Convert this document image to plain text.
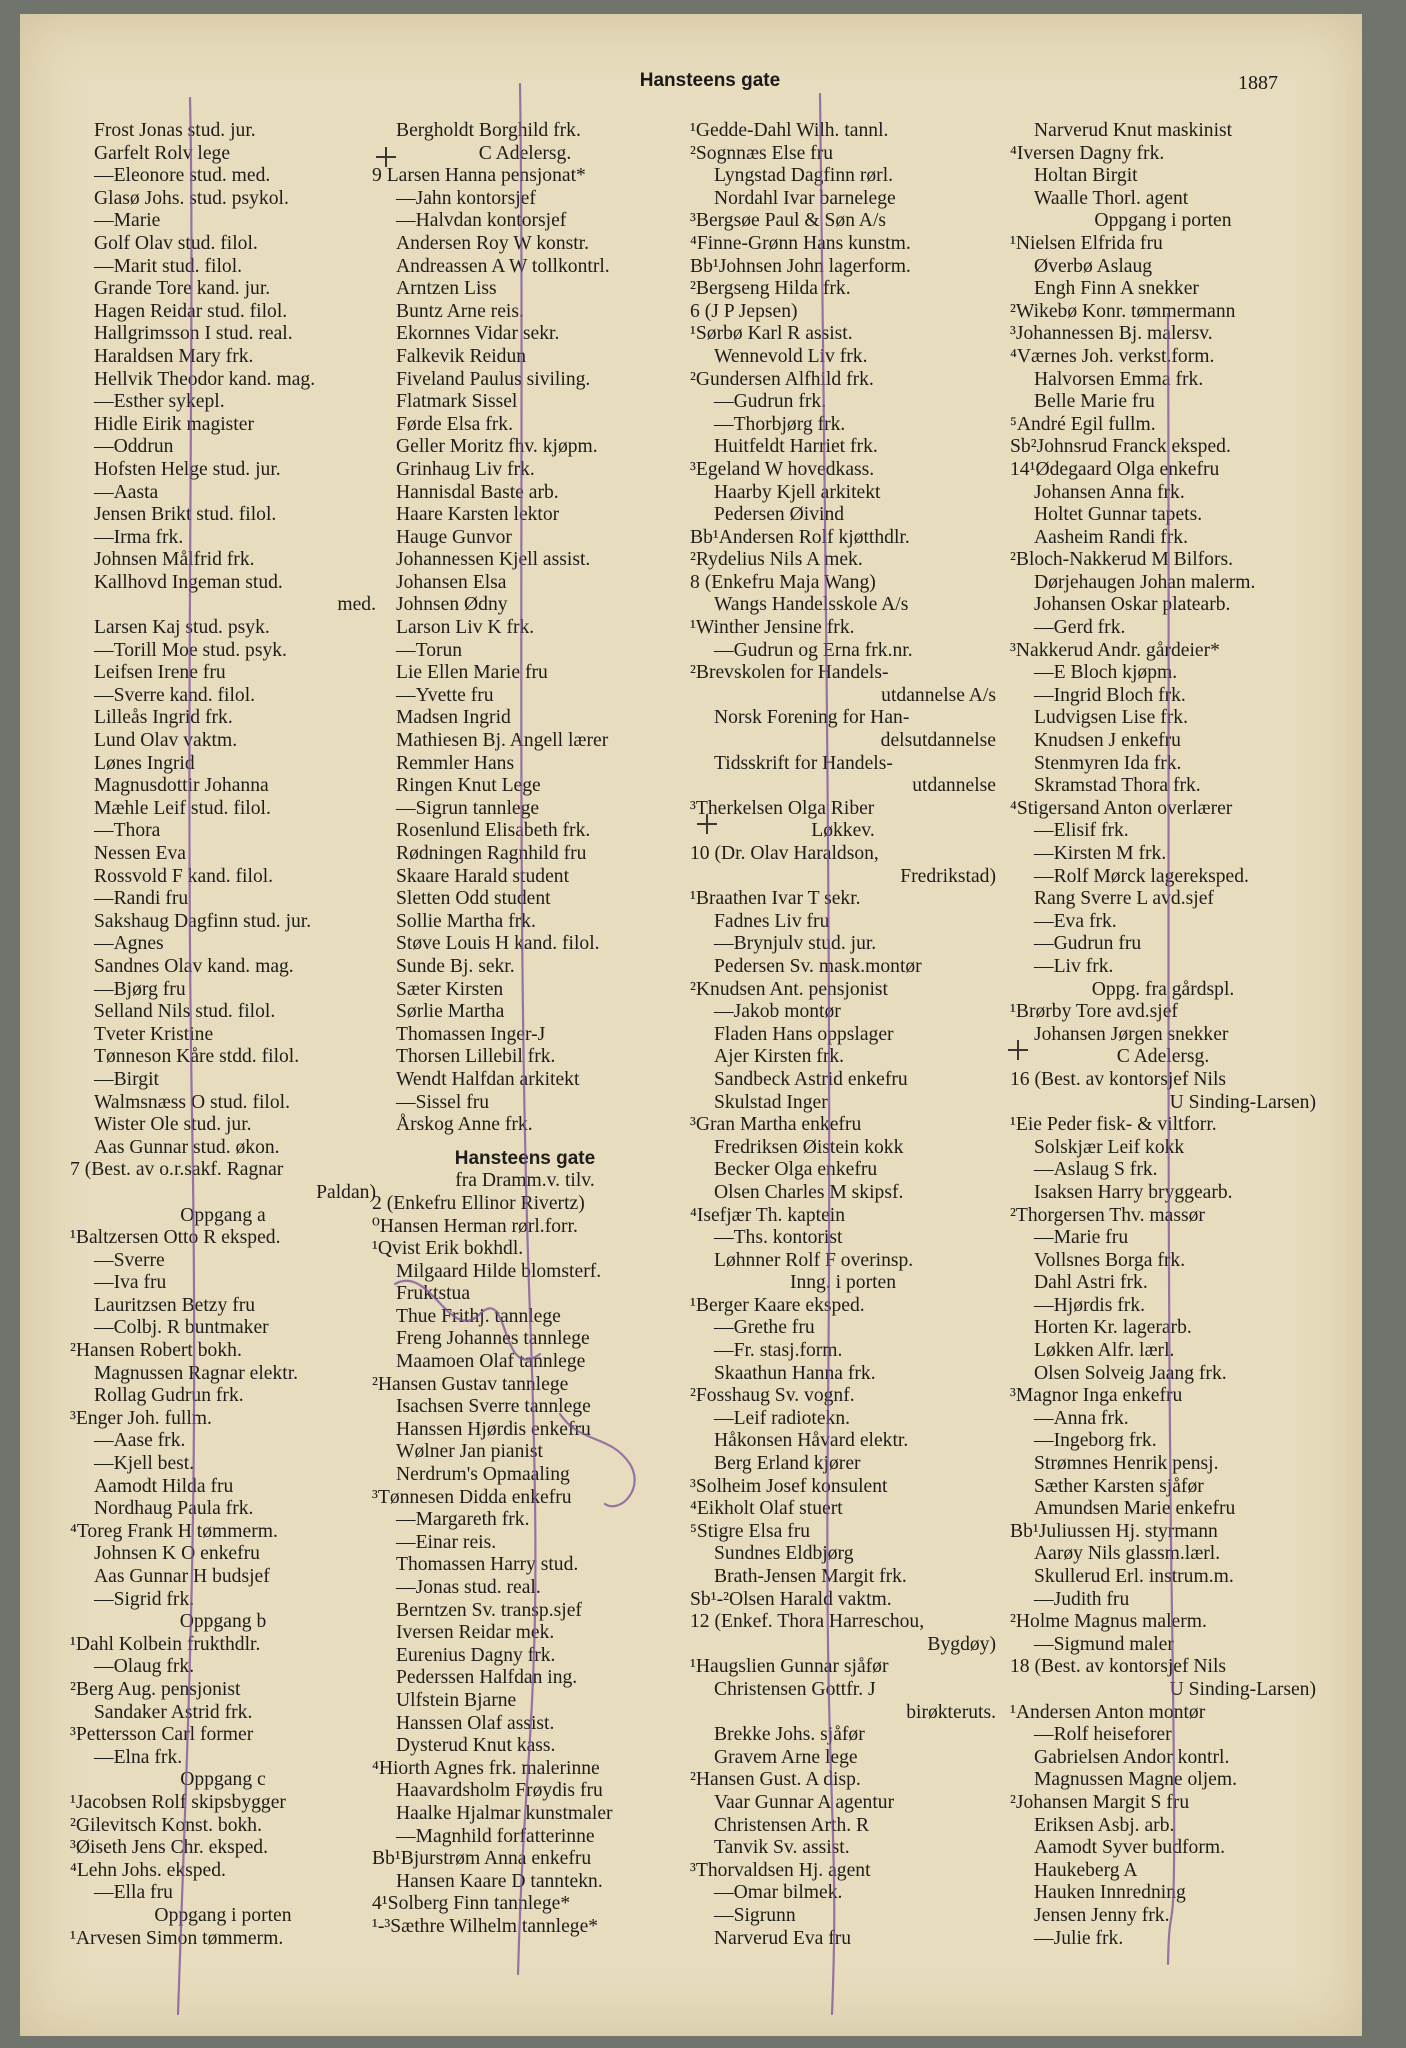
Hansteens gate	1887
Frost Jonas stud. jur.
Garfelt Rolv lege
—Eleonore stud. med.
Glasø Johs. stud. psykol.
—Marie
Golf Olav stud. filol.
—Marit stud. filol.
Grande Tore kand. jur.
Hagen Reidar stud. filol.
Hallgrimsson I stud. real.
Haraldsen Mary frk.
Hellvik Theodor kand. mag.
—Esther sykepl.
Hidle Eirik magister
—Oddrun
Hofsten Helge stud. jur.
—Aasta
Jensen Brikt stud. filol.
—Irma frk.
Johnsen Målfrid frk.
Kallhovd Ingeman stud.
med.
Larsen Kaj stud. psyk.
—Torill Moe stud. psyk.
Leifsen Irene fru
—Sverre kand. filol.
Lilleås Ingrid frk.
Lund Olav vaktm.
Lønes Ingrid
Magnusdottir Johanna
Mæhle Leif stud. filol.
—Thora
Nessen Eva
Rossvold F kand. filol.
—Randi fru
Sakshaug Dagfinn stud. jur.
—Agnes
Sandnes Olav kand. mag.
—Bjørg fru
Selland Nils stud. filol.
Tveter Kristine
Tønneson Kåre stdd. filol.
—Birgit
Walmsnæss O stud. filol.
Wister Ole stud. jur.
Aas Gunnar stud. økon.
7 (Best. av o.r.sakf. Ragnar
Paldan)
Oppgang a
¹Baltzersen Otto R eksped.
—Sverre
—Iva fru
Lauritzsen Betzy fru
—Colbj. R buntmaker
²Hansen Robert bokh.
Magnussen Ragnar elektr.
Rollag Gudrun frk.
³Enger Joh. fullm.
—Aase frk.
—Kjell best.
Aamodt Hilda fru
Nordhaug Paula frk.
⁴Toreg Frank H tømmerm.
Johnsen K O enkefru
Aas Gunnar H budsjef
—Sigrid frk.
Oppgang b
¹Dahl Kolbein frukthdlr.
—Olaug frk.
²Berg Aug. pensjonist
Sandaker Astrid frk.
³Pettersson Carl former
—Elna frk.
Oppgang c
¹Jacobsen Rolf skipsbygger
²Gilevitsch Konst. bokh.
³Øiseth Jens Chr. eksped.
⁴Lehn Johs. eksped.
—Ella fru
Oppgang i porten
¹Arvesen Simon tømmerm.
Bergholdt Borghild frk.
C Adelersg.
9 Larsen Hanna pensjonat*
—Jahn kontorsjef
—Halvdan kontorsjef
Andersen Roy W konstr.
Andreassen A W tollkontrl.
Arntzen Liss
Buntz Arne reis.
Ekornnes Vidar sekr.
Falkevik Reidun
Fiveland Paulus siviling.
Flatmark Sissel
Førde Elsa frk.
Geller Moritz fhv. kjøpm.
Grinhaug Liv frk.
Hannisdal Baste arb.
Haare Karsten lektor
Hauge Gunvor
Johannessen Kjell assist.
Johansen Elsa
Johnsen Ødny
Larson Liv K frk.
—Torun
Lie Ellen Marie fru
—Yvette fru
Madsen Ingrid
Mathiesen Bj. Angell lærer
Remmler Hans
Ringen Knut Lege
—Sigrun tannlege
Rosenlund Elisabeth frk.
Rødningen Ragnhild fru
Skaare Harald student
Sletten Odd student
Sollie Martha frk.
Støve Louis H kand. filol.
Sunde Bj. sekr.
Sæter Kirsten
Sørlie Martha
Thomassen Inger-J
Thorsen Lillebil frk.
Wendt Halfdan arkitekt
—Sissel fru
Årskog Anne frk.
Hansteens gate
fra Dramm.v. tilv.
2 (Enkefru Ellinor Rivertz)
⁰Hansen Herman rørl.forr.
¹Qvist Erik bokhdl.
Milgaard Hilde blomsterf.
Fruktstua
Thue Frithj. tannlege
Freng Johannes tannlege
Maamoen Olaf tannlege
²Hansen Gustav tannlege
Isachsen Sverre tannlege
Hanssen Hjørdis enkefru
Wølner Jan pianist
Nerdrum's Opmaaling
³Tønnesen Didda enkefru
—Margareth frk.
—Einar reis.
Thomassen Harry stud.
—Jonas stud. real.
Berntzen Sv. transp.sjef
Iversen Reidar mek.
Eurenius Dagny frk.
Pederssen Halfdan ing.
Ulfstein Bjarne
Hanssen Olaf assist.
Dysterud Knut kass.
⁴Hiorth Agnes frk. malerinne
Haavardsholm Frøydis fru
Haalke Hjalmar kunstmaler
—Magnhild forfatterinne
Bb¹Bjurstrøm Anna enkefru
Hansen Kaare D tanntekn.
4¹Solberg Finn tannlege*
¹-³Sæthre Wilhelm tannlege*
¹Gedde-Dahl Wilh. tannl.
²Sognnæs Else fru
Lyngstad Dagfinn rørl.
Nordahl Ivar barnelege
³Bergsøe Paul & Søn A/s
⁴Finne-Grønn Hans kunstm.
Bb¹Johnsen John lagerform.
²Bergseng Hilda frk.
6 (J P Jepsen)
¹Sørbø Karl R assist.
Wennevold Liv frk.
²Gundersen Alfhild frk.
—Gudrun frk.
—Thorbjørg frk.
Huitfeldt Harriet frk.
³Egeland W hovedkass.
Haarby Kjell arkitekt
Pedersen Øivind
Bb¹Andersen Rolf kjøtthdlr.
²Rydelius Nils A mek.
8 (Enkefru Maja Wang)
Wangs Handelsskole A/s
¹Winther Jensine frk.
—Gudrun og Erna frk.nr.
²Brevskolen for Handels-
utdannelse A/s
Norsk Forening for Han-
delsutdannelse
Tidsskrift for Handels-
utdannelse
³Therkelsen Olga Riber
Løkkev.
10 (Dr. Olav Haraldson,
Fredrikstad)
¹Braathen Ivar T sekr.
Fadnes Liv fru
—Brynjulv stud. jur.
Pedersen Sv. mask.montør
²Knudsen Ant. pensjonist
—Jakob montør
Fladen Hans oppslager
Ajer Kirsten frk.
Sandbeck Astrid enkefru
Skulstad Inger
³Gran Martha enkefru
Fredriksen Øistein kokk
Becker Olga enkefru
Olsen Charles M skipsf.
⁴Isefjær Th. kaptein
—Ths. kontorist
Løhnner Rolf F overinsp.
Inng. i porten
¹Berger Kaare eksped.
—Grethe fru
—Fr. stasj.form.
Skaathun Hanna frk.
²Fosshaug Sv. vognf.
—Leif radiotekn.
Håkonsen Håvard elektr.
Berg Erland kjører
³Solheim Josef konsulent
⁴Eikholt Olaf stuert
⁵Stigre Elsa fru
Sundnes Eldbjørg
Brath-Jensen Margit frk.
Sb¹-²Olsen Harald vaktm.
12 (Enkef. Thora Harreschou,
Bygdøy)
¹Haugslien Gunnar sjåfør
Christensen Gottfr. J
birøkteruts.
Brekke Johs. sjåfør
Gravem Arne lege
²Hansen Gust. A disp.
Vaar Gunnar A agentur
Christensen Arth. R
Tanvik Sv. assist.
³Thorvaldsen Hj. agent
—Omar bilmek.
—Sigrunn
Narverud Eva fru
Narverud Knut maskinist
⁴Iversen Dagny frk.
Holtan Birgit
Waalle Thorl. agent
Oppgang i porten
¹Nielsen Elfrida fru
Øverbø Aslaug
Engh Finn A snekker
²Wikebø Konr. tømmermann
³Johannessen Bj. malersv.
⁴Værnes Joh. verkst.form.
Halvorsen Emma frk.
Belle Marie fru
⁵André Egil fullm.
Sb²Johnsrud Franck eksped.
14¹Ødegaard Olga enkefru
Johansen Anna frk.
Holtet Gunnar tapets.
Aasheim Randi frk.
²Bloch-Nakkerud M Bilfors.
Dørjehaugen Johan malerm.
Johansen Oskar platearb.
—Gerd frk.
³Nakkerud Andr. gårdeier*
—E Bloch kjøpm.
—Ingrid Bloch frk.
Ludvigsen Lise frk.
Knudsen J enkefru
Stenmyren Ida frk.
Skramstad Thora frk.
⁴Stigersand Anton overlærer
—Elisif frk.
—Kirsten M frk.
—Rolf Mørck lagereksped.
Rang Sverre L avd.sjef
—Eva frk.
—Gudrun fru
—Liv frk.
Oppg. fra gårdspl.
¹Brørby Tore avd.sjef
Johansen Jørgen snekker
C Adelersg.
16 (Best. av kontorsjef Nils
U Sinding-Larsen)
¹Eie Peder fisk- & viltforr.
Solskjær Leif kokk
—Aslaug S frk.
Isaksen Harry bryggearb.
²Thorgersen Thv. massør
—Marie fru
Vollsnes Borga frk.
Dahl Astri frk.
—Hjørdis frk.
Horten Kr. lagerarb.
Løkken Alfr. lærl.
Olsen Solveig Jaang frk.
³Magnor Inga enkefru
—Anna frk.
—Ingeborg frk.
Strømnes Henrik pensj.
Sæther Karsten sjåfør
Amundsen Marie enkefru
Bb¹Juliussen Hj. styrmann
Aarøy Nils glassm.lærl.
Skullerud Erl. instrum.m.
—Judith fru
²Holme Magnus malerm.
—Sigmund maler
18 (Best. av kontorsjef Nils
U Sinding-Larsen)
¹Andersen Anton montør
—Rolf heiseforer
Gabrielsen Andor kontrl.
Magnussen Magne oljem.
²Johansen Margit S fru
Eriksen Asbj. arb.
Aamodt Syver budform.
Haukeberg A
Hauken Innredning
Jensen Jenny frk.
—Julie frk.
